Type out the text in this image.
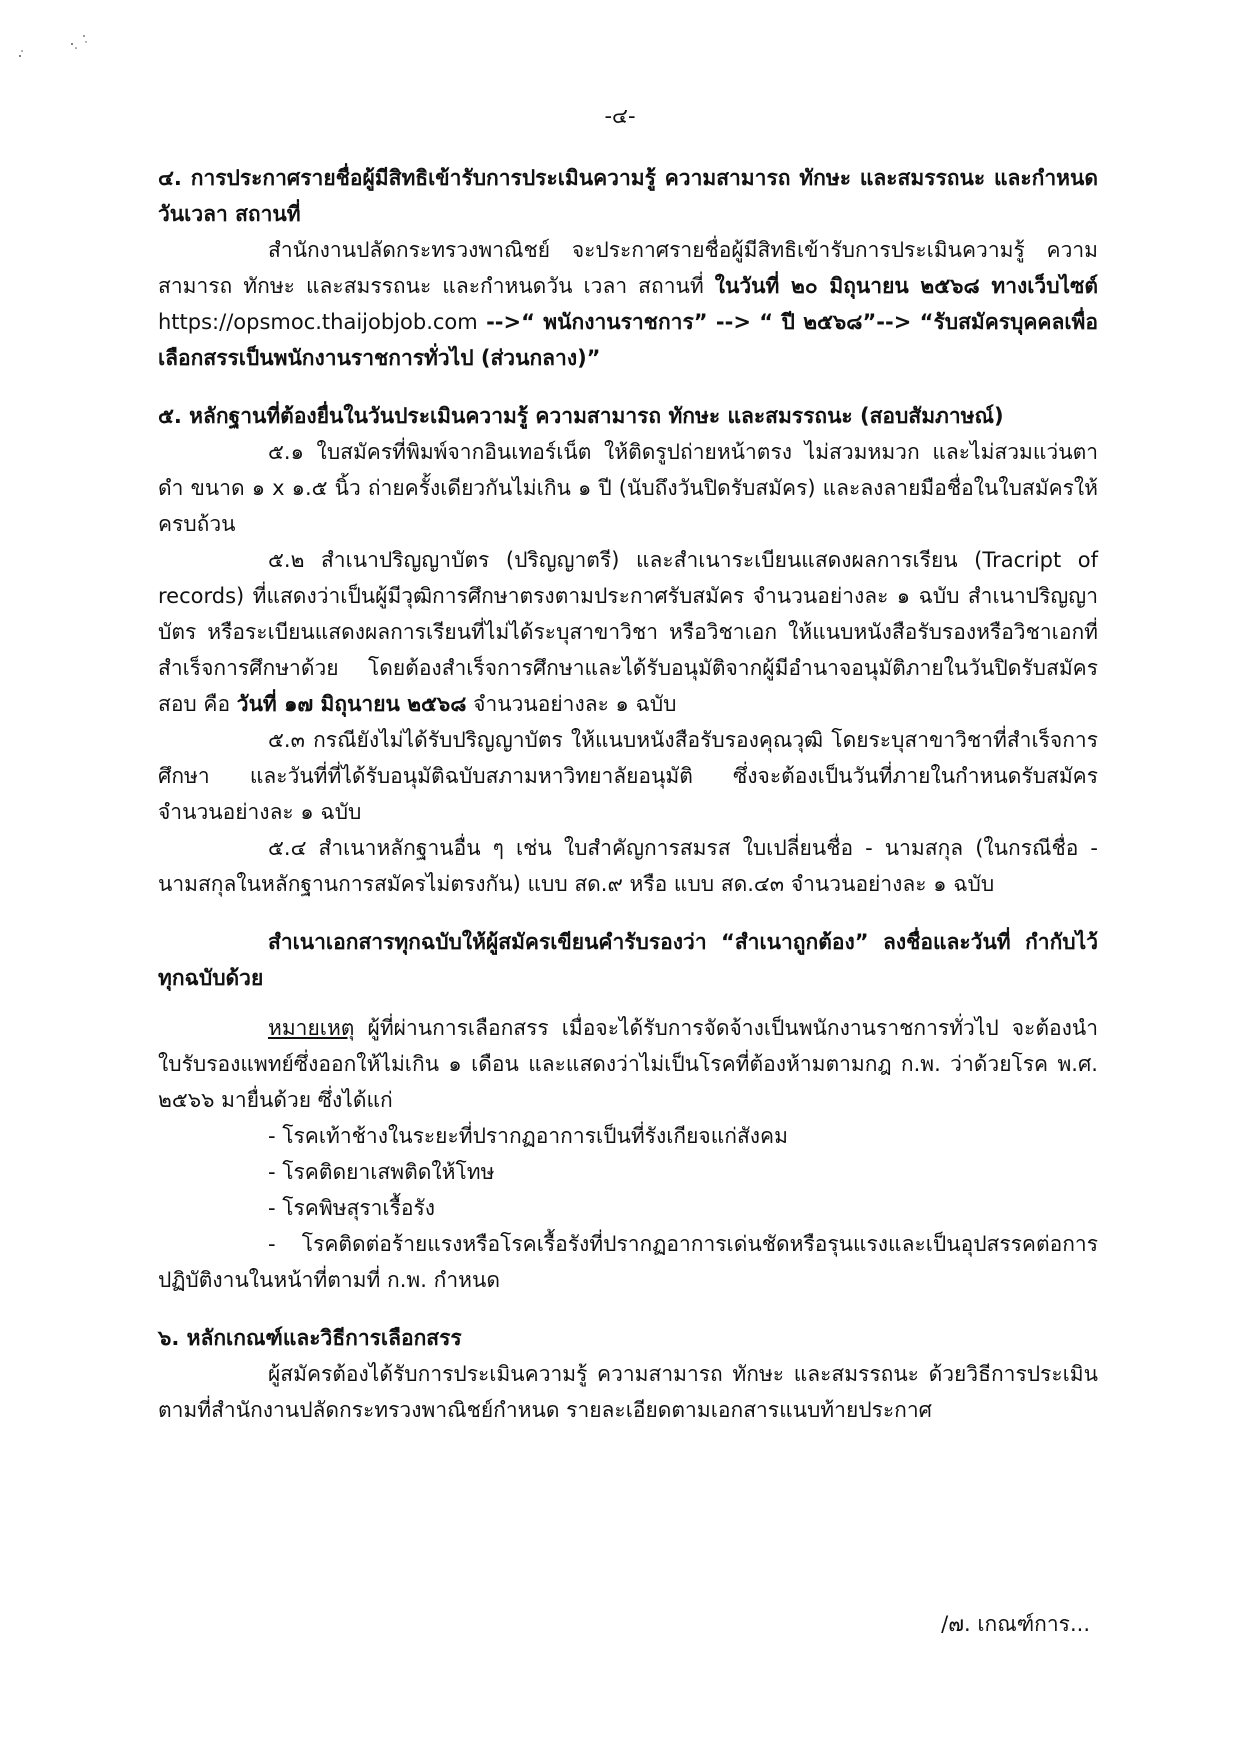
-๔-
๔. การประกาศรายชื่อผู้มีสิทธิเข้ารับการประเมินความรู้ ความสามารถ ทักษะ และสมรรถนะ และกำหนดวันเวลา สถานที่
สำนักงานปลัดกระทรวงพาณิชย์ จะประกาศรายชื่อผู้มีสิทธิเข้ารับการประเมินความรู้ ความสามารถ ทักษะ และสมรรถนะ และกำหนดวัน เวลา สถานที่ ในวันที่ ๒๐ มิถุนายน ๒๕๖๘ ทางเว็บไซต์ https://opsmoc.thaijobjob.com -->“ พนักงานราชการ” --> “ ปี ๒๕๖๘”--> “รับสมัครบุคคลเพื่อเลือกสรรเป็นพนักงานราชการทั่วไป (ส่วนกลาง)”
๕. หลักฐานที่ต้องยื่นในวันประเมินความรู้ ความสามารถ ทักษะ และสมรรถนะ (สอบสัมภาษณ์)
๕.๑ ใบสมัครที่พิมพ์จากอินเทอร์เน็ต ให้ติดรูปถ่ายหน้าตรง ไม่สวมหมวก และไม่สวมแว่นตาดำ ขนาด ๑ x ๑.๕ นิ้ว ถ่ายครั้งเดียวกันไม่เกิน ๑ ปี (นับถึงวันปิดรับสมัคร) และลงลายมือชื่อในใบสมัครให้ครบถ้วน
๕.๒ สำเนาปริญญาบัตร (ปริญญาตรี) และสำเนาระเบียนแสดงผลการเรียน (Tracript of records) ที่แสดงว่าเป็นผู้มีวุฒิการศึกษาตรงตามประกาศรับสมัคร จำนวนอย่างละ ๑ ฉบับ สำเนาปริญญาบัตร หรือระเบียนแสดงผลการเรียนที่ไม่ได้ระบุสาขาวิชา หรือวิชาเอก ให้แนบหนังสือรับรองหรือวิชาเอกที่สำเร็จการศึกษาด้วย โดยต้องสำเร็จการศึกษาและได้รับอนุมัติจากผู้มีอำนาจอนุมัติภายในวันปิดรับสมัครสอบ คือ วันที่ ๑๗ มิถุนายน ๒๕๖๘ จำนวนอย่างละ ๑ ฉบับ
๕.๓ กรณียังไม่ได้รับปริญญาบัตร ให้แนบหนังสือรับรองคุณวุฒิ โดยระบุสาขาวิชาที่สำเร็จการศึกษา และวันที่ที่ได้รับอนุมัติฉบับสภามหาวิทยาลัยอนุมัติ ซึ่งจะต้องเป็นวันที่ภายในกำหนดรับสมัคร จำนวนอย่างละ ๑ ฉบับ
๕.๔ สำเนาหลักฐานอื่น ๆ เช่น ใบสำคัญการสมรส ใบเปลี่ยนชื่อ - นามสกุล (ในกรณีชื่อ - นามสกุลในหลักฐานการสมัครไม่ตรงกัน) แบบ สด.๙ หรือ แบบ สด.๔๓ จำนวนอย่างละ ๑ ฉบับ
สำเนาเอกสารทุกฉบับให้ผู้สมัครเขียนคำรับรองว่า “สำเนาถูกต้อง” ลงชื่อและวันที่ กำกับไว้ทุกฉบับด้วย
หมายเหตุ ผู้ที่ผ่านการเลือกสรร เมื่อจะได้รับการจัดจ้างเป็นพนักงานราชการทั่วไป จะต้องนำใบรับรองแพทย์ซึ่งออกให้ไม่เกิน ๑ เดือน และแสดงว่าไม่เป็นโรคที่ต้องห้ามตามกฎ ก.พ. ว่าด้วยโรค พ.ศ. ๒๕๖๖ มายื่นด้วย ซึ่งได้แก่
- โรคเท้าช้างในระยะที่ปรากฏอาการเป็นที่รังเกียจแก่สังคม
- โรคติดยาเสพติดให้โทษ
- โรคพิษสุราเรื้อรัง
- โรคติดต่อร้ายแรงหรือโรคเรื้อรังที่ปรากฏอาการเด่นชัดหรือรุนแรงและเป็นอุปสรรคต่อการปฏิบัติงานในหน้าที่ตามที่ ก.พ. กำหนด
๖. หลักเกณฑ์และวิธีการเลือกสรร
ผู้สมัครต้องได้รับการประเมินความรู้ ความสามารถ ทักษะ และสมรรถนะ ด้วยวิธีการประเมินตามที่สำนักงานปลัดกระทรวงพาณิชย์กำหนด รายละเอียดตามเอกสารแนบท้ายประกาศ
/๗. เกณฑ์การ...
